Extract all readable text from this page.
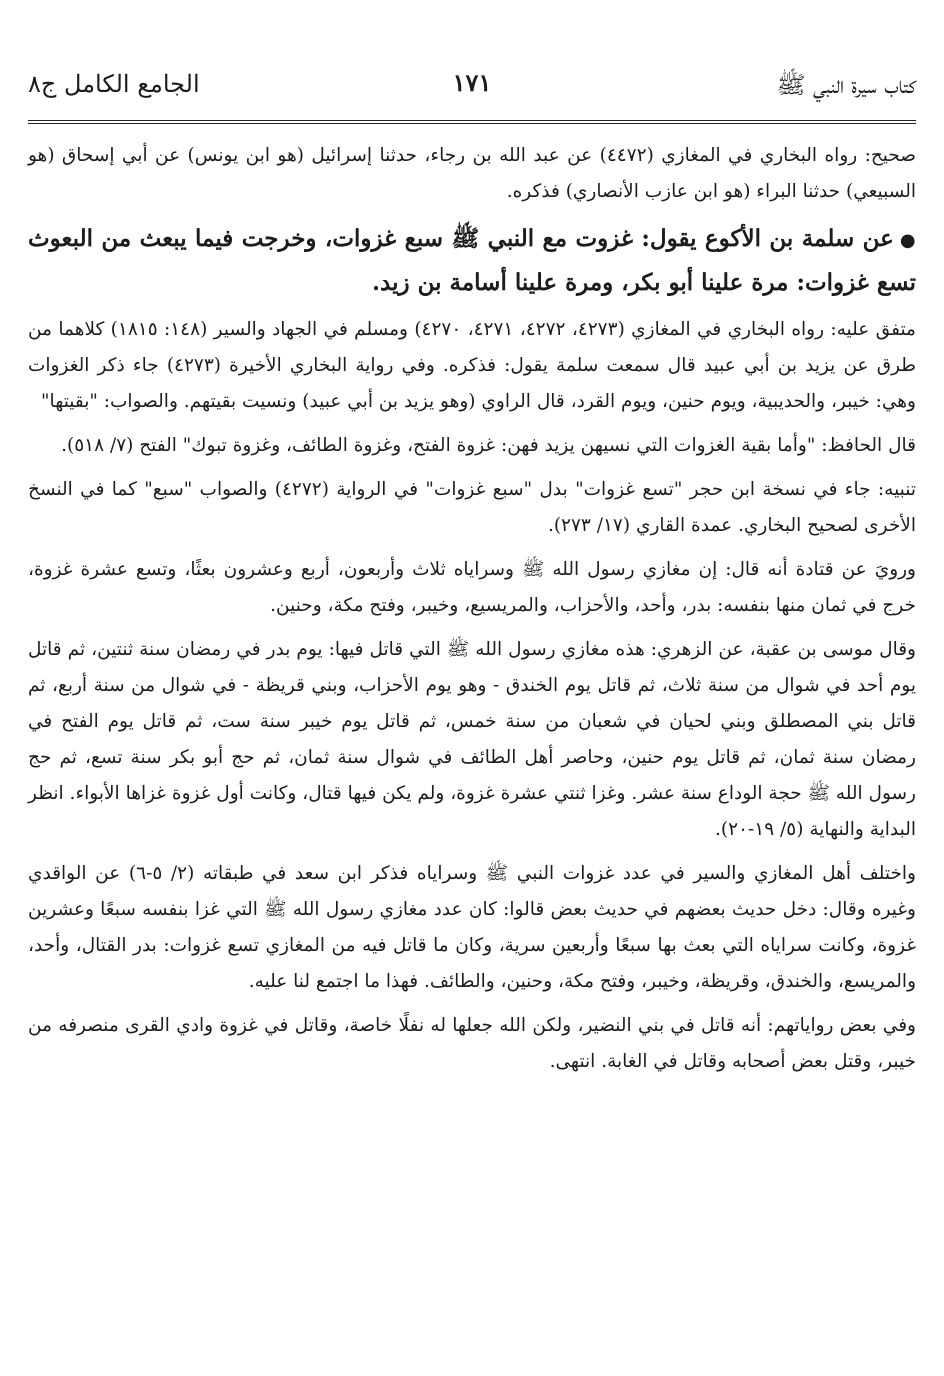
الجامع الكامل ج٨	١٧١	كتاب سيرة النبي ﷺ

صحيح: رواه البخاري في المغازي (٤٤٧٢) عن عبد الله بن رجاء، حدثنا إسرائيل (هو ابن يونس) عن أبي إسحاق (هو السبيعي) حدثنا البراء (هو ابن عازب الأنصاري) فذكره.

●عن سلمة بن الأكوع يقول: غزوت مع النبي ﷺ سبع غزوات، وخرجت فيما يبعث من البعوث تسع غزوات: مرة علينا أبو بكر، ومرة علينا أسامة بن زيد.

متفق عليه: رواه البخاري في المغازي (٤٢٧٣، ٤٢٧٢، ٤٢٧١، ٤٢٧٠) ومسلم في الجهاد والسير (١٤٨: ١٨١٥) كلاهما من طرق عن يزيد بن أبي عبيد قال سمعت سلمة يقول: فذكره. وفي رواية البخاري الأخيرة (٤٢٧٣) جاء ذكر الغزوات وهي: خيبر، والحديبية، ويوم حنين، ويوم القرد، قال الراوي (وهو يزيد بن أبي عبيد) ونسيت بقيتهم. والصواب: "بقيتها"

قال الحافظ: "وأما بقية الغزوات التي نسيهن يزيد فهن: غزوة الفتح، وغزوة الطائف، وغزوة تبوك" الفتح (٧/ ٥١٨).

تنبيه: جاء في نسخة ابن حجر "تسع غزوات" بدل "سبع غزوات" في الرواية (٤٢٧٢) والصواب "سبع" كما في النسخ الأخرى لصحيح البخاري. عمدة القاري (١٧/ ٢٧٣).

ورويَ عن قتادة أنه قال: إن مغازي رسول الله ﷺ وسراياه ثلاث وأربعون، أربع وعشرون بعثًا، وتسع عشرة غزوة، خرج في ثمان منها بنفسه: بدر، وأحد، والأحزاب، والمريسيع، وخيبر، وفتح مكة، وحنين.

وقال موسى بن عقبة، عن الزهري: هذه مغازي رسول الله ﷺ التي قاتل فيها: يوم بدر في رمضان سنة ثنتين، ثم قاتل يوم أحد في شوال من سنة ثلاث، ثم قاتل يوم الخندق - وهو يوم الأحزاب، وبني قريظة - في شوال من سنة أربع، ثم قاتل بني المصطلق وبني لحيان في شعبان من سنة خمس، ثم قاتل يوم خيبر سنة ست، ثم قاتل يوم الفتح في رمضان سنة ثمان، ثم قاتل يوم حنين، وحاصر أهل الطائف في شوال سنة ثمان، ثم حج أبو بكر سنة تسع، ثم حج رسول الله ﷺ حجة الوداع سنة عشر. وغزا ثنتي عشرة غزوة، ولم يكن فيها قتال، وكانت أول غزوة غزاها الأبواء. انظر البداية والنهاية (٥/ ١٩-٢٠).

واختلف أهل المغازي والسير في عدد غزوات النبي ﷺ وسراياه فذكر ابن سعد في طبقاته (٢/ ٥-٦) عن الواقدي وغيره وقال: دخل حديث بعضهم في حديث بعض قالوا: كان عدد مغازي رسول الله ﷺ التي غزا بنفسه سبعًا وعشرين غزوة، وكانت سراياه التي بعث بها سبعًا وأربعين سرية، وكان ما قاتل فيه من المغازي تسع غزوات: بدر القتال، وأحد، والمريسع، والخندق، وقريظة، وخيبر، وفتح مكة، وحنين، والطائف. فهذا ما اجتمع لنا عليه.

وفي بعض رواياتهم: أنه قاتل في بني النضير، ولكن الله جعلها له نفلًا خاصة، وقاتل في غزوة وادي القرى منصرفه من خيبر، وقتل بعض أصحابه وقاتل في الغابة. انتهى.
